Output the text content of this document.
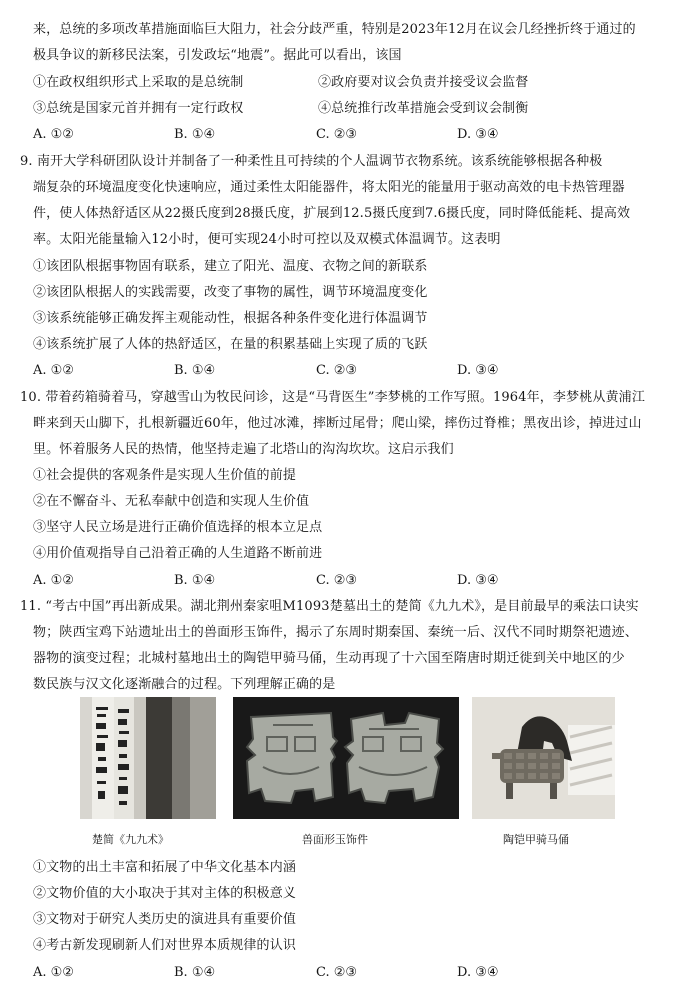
来，总统的多项改革措施面临巨大阻力，社会分歧严重，特别是2023年12月在议会几经挫折终于通过的
极具争议的新移民法案，引发政坛“地震”。据此可以看出，该国
①在政权组织形式上采取的是总统制	②政府要对议会负责并接受议会监督
③总统是国家元首并拥有一定行政权	④总统推行改革措施会受到议会制衡
A. ①②	B. ①④	C. ②③	D. ③④
9. 南开大学科研团队设计并制备了一种柔性且可持续的个人温调节衣物系统。该系统能够根据各种极
端复杂的环境温度变化快速响应，通过柔性太阳能器件，将太阳光的能量用于驱动高效的电卡热管理器
件，使人体热舒适区从22摄氏度到28摄氏度，扩展到12.5摄氏度到7.6摄氏度，同时降低能耗、提高效
率。太阳光能量输入12小时，便可实现24小时可控以及双模式体温调节。这表明
①该团队根据事物固有联系，建立了阳光、温度、衣物之间的新联系
②该团队根据人的实践需要，改变了事物的属性，调节环境温度变化
③该系统能够正确发挥主观能动性，根据各种条件变化进行体温调节
④该系统扩展了人体的热舒适区，在量的积累基础上实现了质的飞跃
A. ①②	B. ①④	C. ②③	D. ③④
10. 带着药箱骑着马，穿越雪山为牧民问诊，这是“马背医生”李梦桃的工作写照。1964年，李梦桃从黄浦江
畔来到天山脚下，扎根新疆近60年，他过冰滩，摔断过尾骨；爬山梁，摔伤过脊椎；黑夜出诊，掉进过山
里。怀着服务人民的热情，他坚持走遍了北塔山的沟沟坎坎。这启示我们
①社会提供的客观条件是实现人生价值的前提
②在不懈奋斗、无私奉献中创造和实现人生价值
③坚守人民立场是进行正确价值选择的根本立足点
④用价值观指导自己沿着正确的人生道路不断前进
A. ①②	B. ①④	C. ②③	D. ③④
11. “考古中国”再出新成果。湖北荆州秦家咀M1093楚墓出土的楚简《九九术》，是目前最早的乘法口诀实
物；陕西宝鸡下站遗址出土的兽面形玉饰件，揭示了东周时期秦国、秦统一后、汉代不同时期祭祀遗迹、
器物的演变过程；北城村墓地出土的陶铠甲骑马俑，生动再现了十六国至隋唐时期迁徙到关中地区的少
数民族与汉文化逐渐融合的过程。下列理解正确的是
楚简《九九术》	兽面形玉饰件	陶铠甲骑马俑
①文物的出土丰富和拓展了中华文化基本内涵
②文物价值的大小取决于其对主体的积极意义
③文物对于研究人类历史的演进具有重要价值
④考古新发现刷新人们对世界本质规律的认识
A. ①②	B. ①④	C. ②③	D. ③④
